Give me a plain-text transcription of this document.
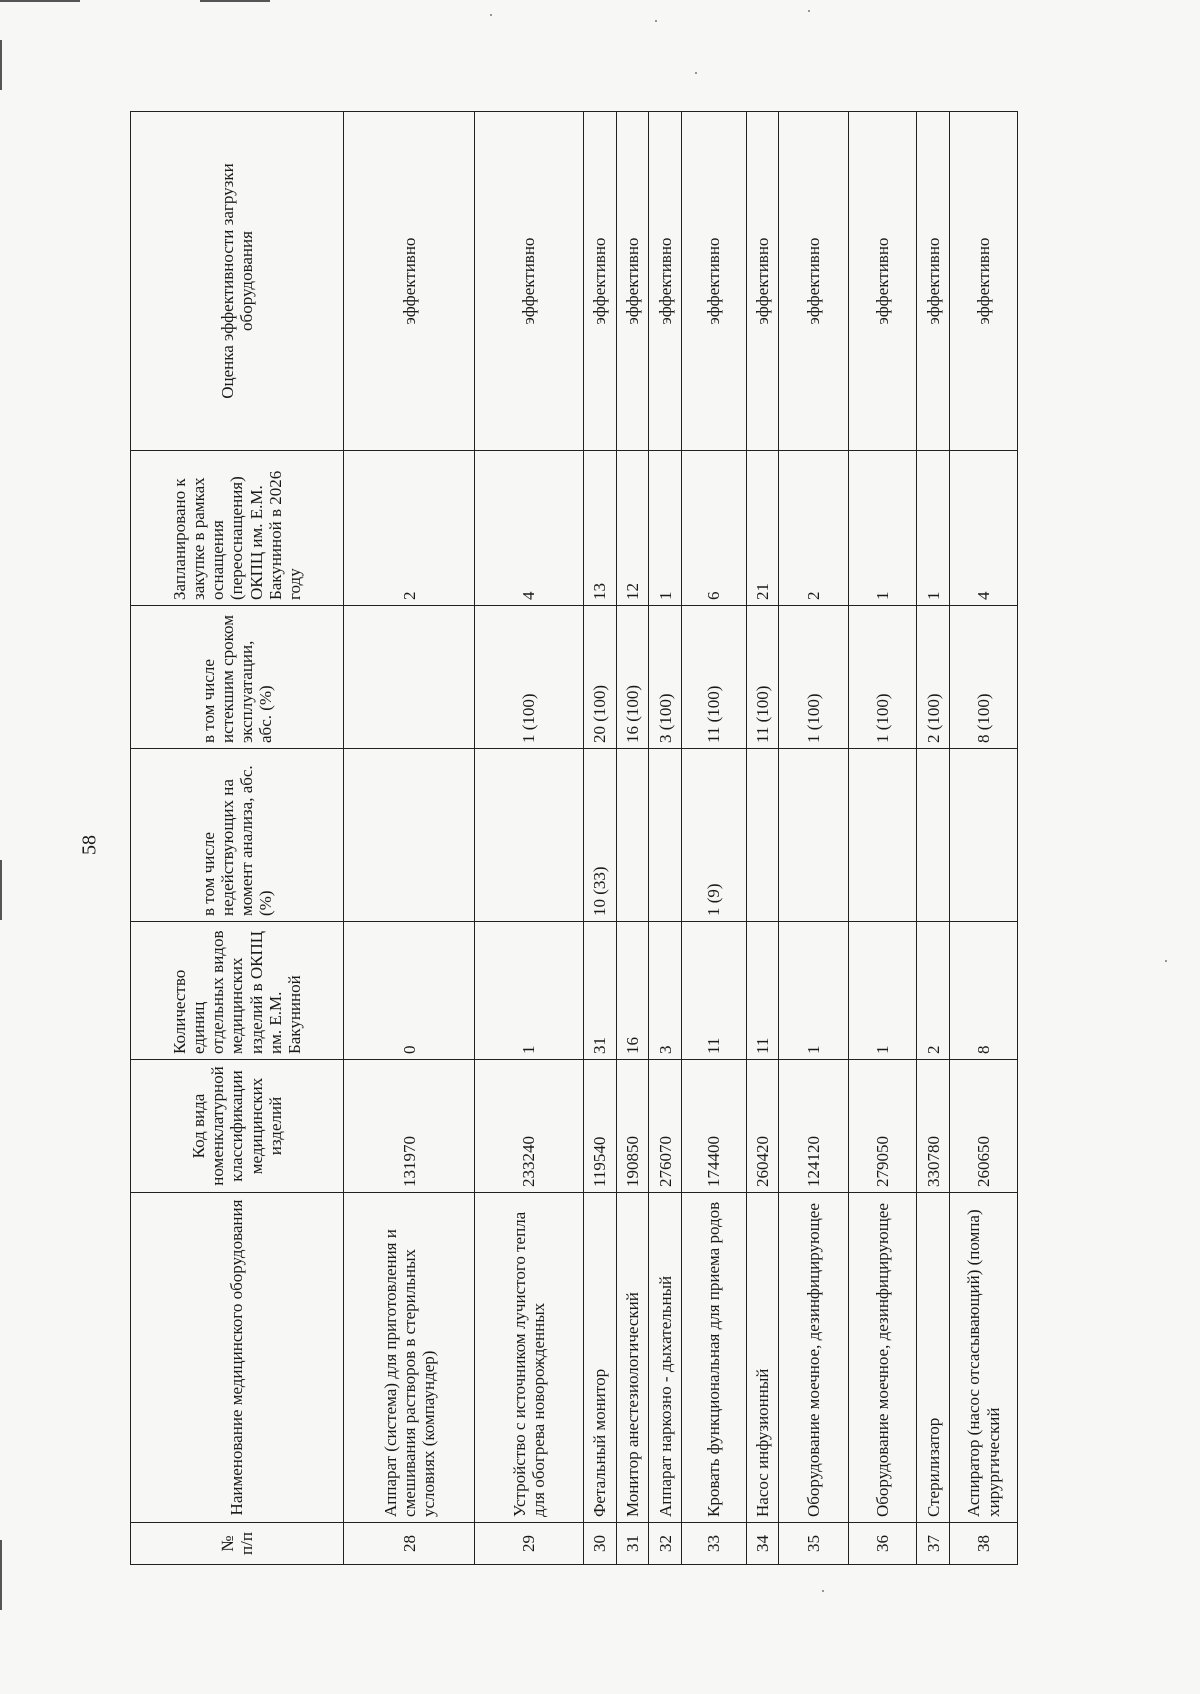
58
№ п/п	Наименование медицинского оборудования	Код вида номенклатурной классификации медицинских изделий	Количество единиц отдельных видов медицинских изделий в ОКПЦ им. Е.М. Бакуниной	в том числе недействующих на момент анализа, абс. (%)	в том числе истекшим сроком эксплуатации, абс. (%)	Запланировано к закупке в рамках оснащения (переоснащения) ОКПЦ им. Е.М. Бакуниной в 2026 году	Оценка эффективности загрузки оборудования
28	Аппарат (система) для приготовления и смешивания растворов в стерильных условиях (компаундер)	131970	0			2	эффективно
29	Устройство с источником лучистого тепла для обогрева новорожденных	233240	1		1 (100)	4	эффективно
30	Фетальный монитор	119540	31	10 (33)	20 (100)	13	эффективно
31	Монитор анестезиологический	190850	16		16 (100)	12	эффективно
32	Аппарат наркозно - дыхательный	276070	3		3 (100)	1	эффективно
33	Кровать функциональная для приема родов	174400	11	1 (9)	11 (100)	6	эффективно
34	Насос инфузионный	260420	11		11 (100)	21	эффективно
35	Оборудование моечное, дезинфицирующее	124120	1		1 (100)	2	эффективно
36	Оборудование моечное, дезинфицирующее	279050	1		1 (100)	1	эффективно
37	Стерилизатор	330780	2		2 (100)	1	эффективно
38	Аспиратор (насос отсасывающий) (помпа) хирургический	260650	8		8 (100)	4	эффективно
